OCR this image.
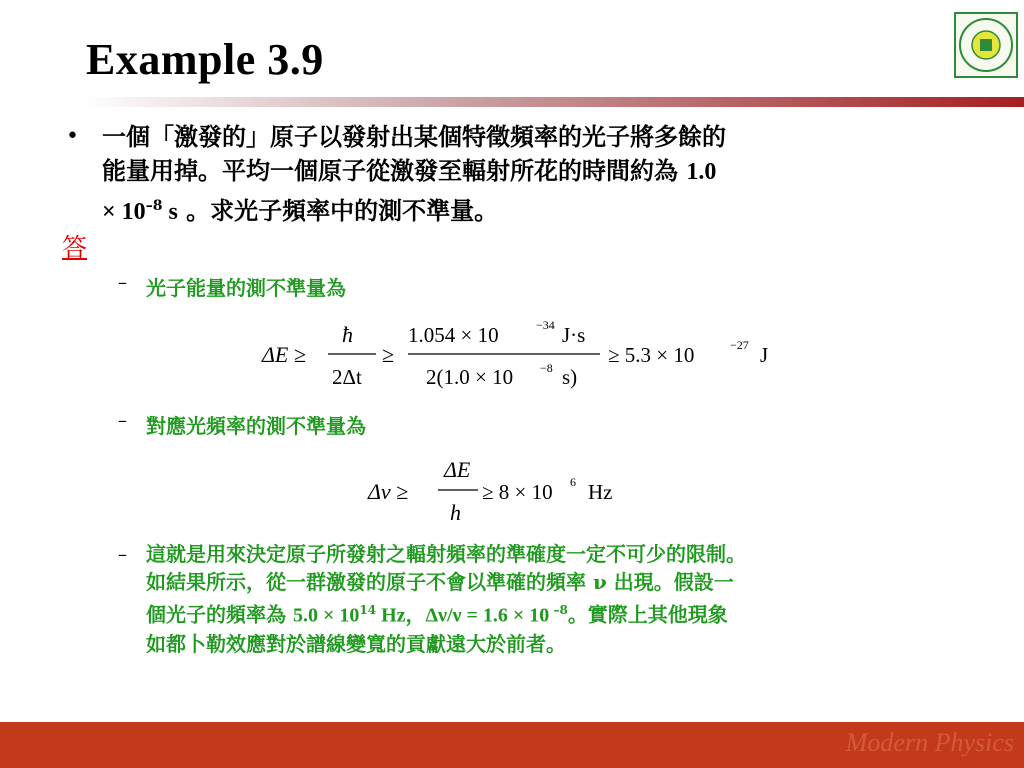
Example 3.9
• 一個「激發的」原子以發射出某個特徵頻率的光子將多餘的
能量用掉。平均一個原子從激發至輻射所花的時間約為 1.0
× $10^{-8}$ s 。求光子頻率中的測不準量。
答
– 光子能量的測不準量為
ΔE ≥
ħ
2Δt
≥
1.054 × 10	−34 J·s
2(1.0 × 10 −8 s)
≥ 5.3 × 10	−27 J
– 對應光頻率的測不準量為
Δν ≥
ΔE
h
≥ 8 × 10 6 Hz
– 這就是用來決定原子所發射之輻射頻率的準確度一定不可少的限制。
如結果所示，從一群激發的原子不會以準確的頻率 ν 出現。假設一
個光子的頻率為 $5.0 \times 10^{14}$ Hz，Δν/ν = 1.6 × 10 $^{-8}$。實際上其他現象
如都卜勒效應對於譜線變寬的貢獻遠大於前者。
Modern Physics
